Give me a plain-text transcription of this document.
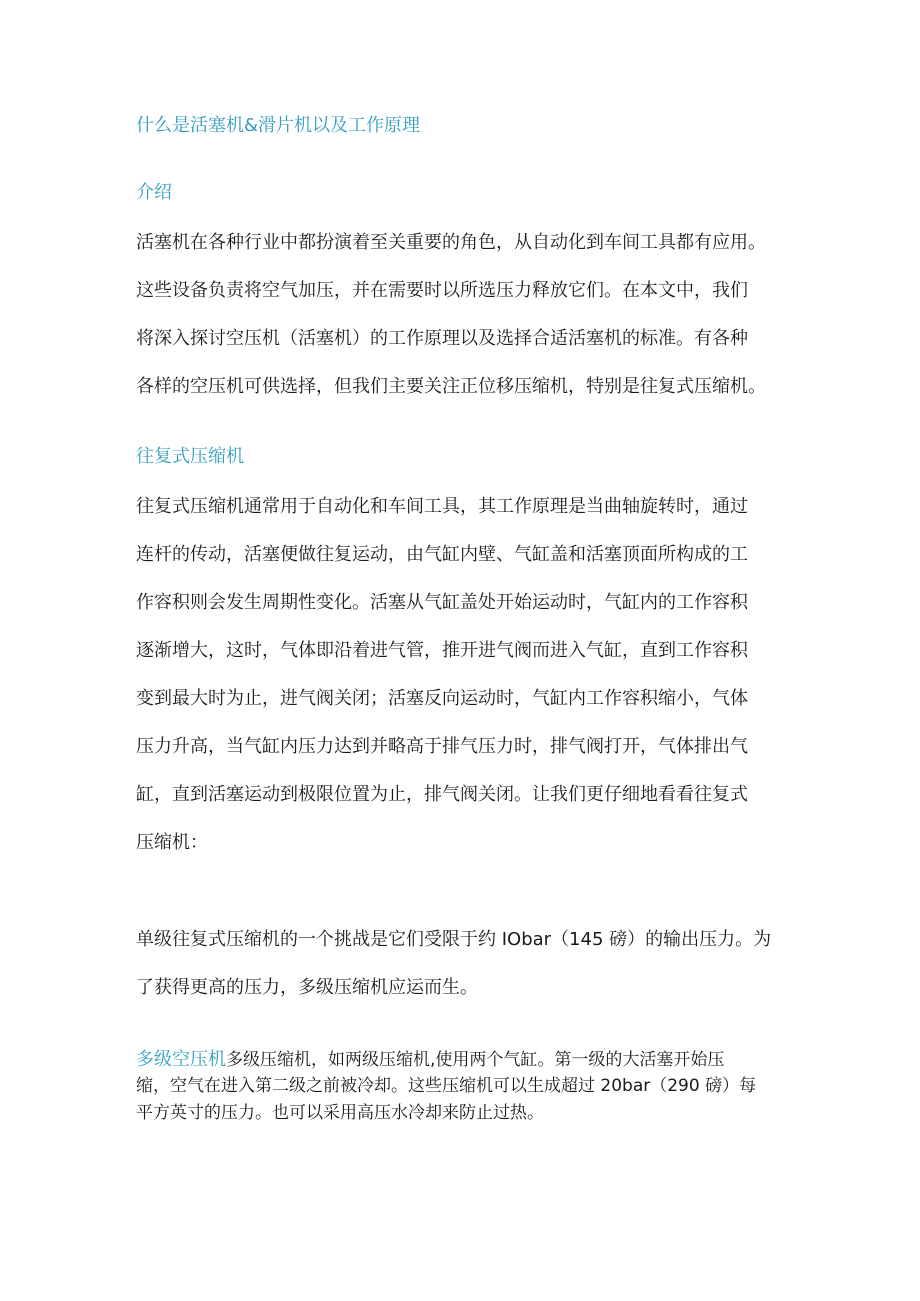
什么是活塞机&滑片机以及工作原理
介绍
活塞机在各种行业中都扮演着至关重要的角色，从自动化到车间工具都有应用。
这些设备负责将空气加压，并在需要时以所选压力释放它们。在本文中，我们
将深入探讨空压机（活塞机）的工作原理以及选择合适活塞机的标准。有各种
各样的空压机可供选择，但我们主要关注正位移压缩机，特别是往复式压缩机。
往复式压缩机
往复式压缩机通常用于自动化和车间工具，其工作原理是当曲轴旋转时，通过
连杆的传动，活塞便做往复运动，由气缸内壁、气缸盖和活塞顶面所构成的工
作容积则会发生周期性变化。活塞从气缸盖处开始运动时，气缸内的工作容积
逐渐增大，这时，气体即沿着进气管，推开进气阀而进入气缸，直到工作容积
变到最大时为止，进气阀关闭；活塞反向运动时，气缸内工作容积缩小，气体
压力升高，当气缸内压力达到并略高于排气压力时，排气阀打开，气体排出气
缸，直到活塞运动到极限位置为止，排气阀关闭。让我们更仔细地看看往复式
压缩机：
单级往复式压缩机的一个挑战是它们受限于约 IObar（145 磅）的输出压力。为
了获得更高的压力，多级压缩机应运而生。
多级空压机多级压缩机，如两级压缩机,使用两个气缸。第一级的大活塞开始压
缩，空气在进入第二级之前被冷却。这些压缩机可以生成超过 20bar（290 磅）每
平方英寸的压力。也可以采用高压水冷却来防止过热。
